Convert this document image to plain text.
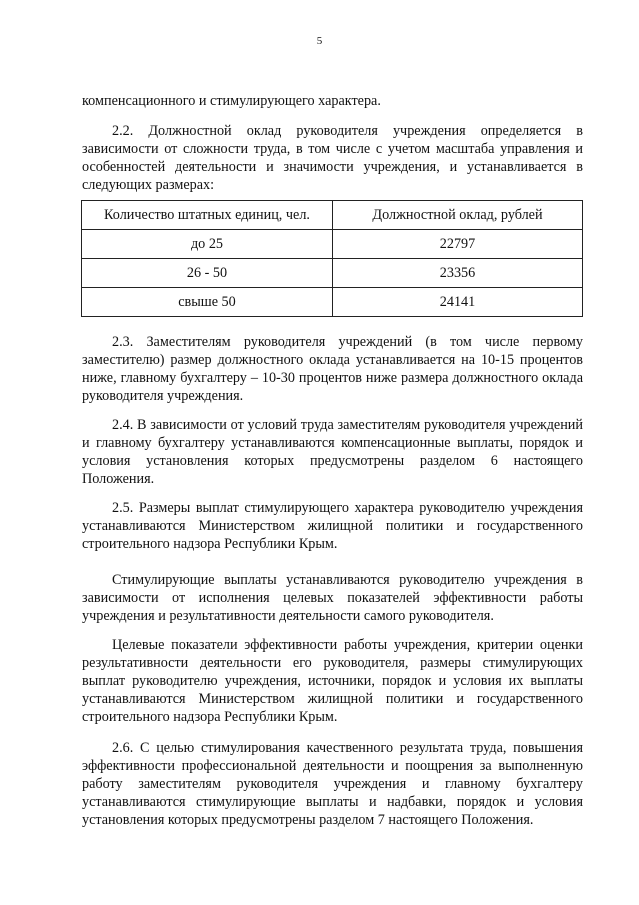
5

компенсационного и стимулирующего характера.

2.2. Должностной оклад руководителя учреждения определяется в зависимости от сложности труда, в том числе с учетом масштаба управления и особенностей деятельности и значимости учреждения, и устанавливается в следующих размерах:

Количество штатных единиц, чел.	Должностной оклад, рублей
до 25	22797
26 - 50	23356
свыше 50	24141

2.3. Заместителям руководителя учреждений (в том числе первому заместителю) размер должностного оклада устанавливается на 10-15 процентов ниже, главному бухгалтеру – 10-30 процентов ниже размера должностного оклада руководителя учреждения.

2.4. В зависимости от условий труда заместителям руководителя учреждений и главному бухгалтеру устанавливаются компенсационные выплаты, порядок и условия установления которых предусмотрены разделом 6 настоящего Положения.

2.5. Размеры выплат стимулирующего характера руководителю учреждения устанавливаются Министерством жилищной политики и государственного строительного надзора Республики Крым.

Стимулирующие выплаты устанавливаются руководителю учреждения в зависимости от исполнения целевых показателей эффективности работы учреждения и результативности деятельности самого руководителя.

Целевые показатели эффективности работы учреждения, критерии оценки результативности деятельности его руководителя, размеры стимулирующих выплат руководителю учреждения, источники, порядок и условия их выплаты устанавливаются Министерством жилищной политики и государственного строительного надзора Республики Крым.

2.6. С целью стимулирования качественного результата труда, повышения эффективности профессиональной деятельности и поощрения за выполненную работу заместителям руководителя учреждения и главному бухгалтеру устанавливаются стимулирующие выплаты и надбавки, порядок и условия установления которых предусмотрены разделом 7 настоящего Положения.
